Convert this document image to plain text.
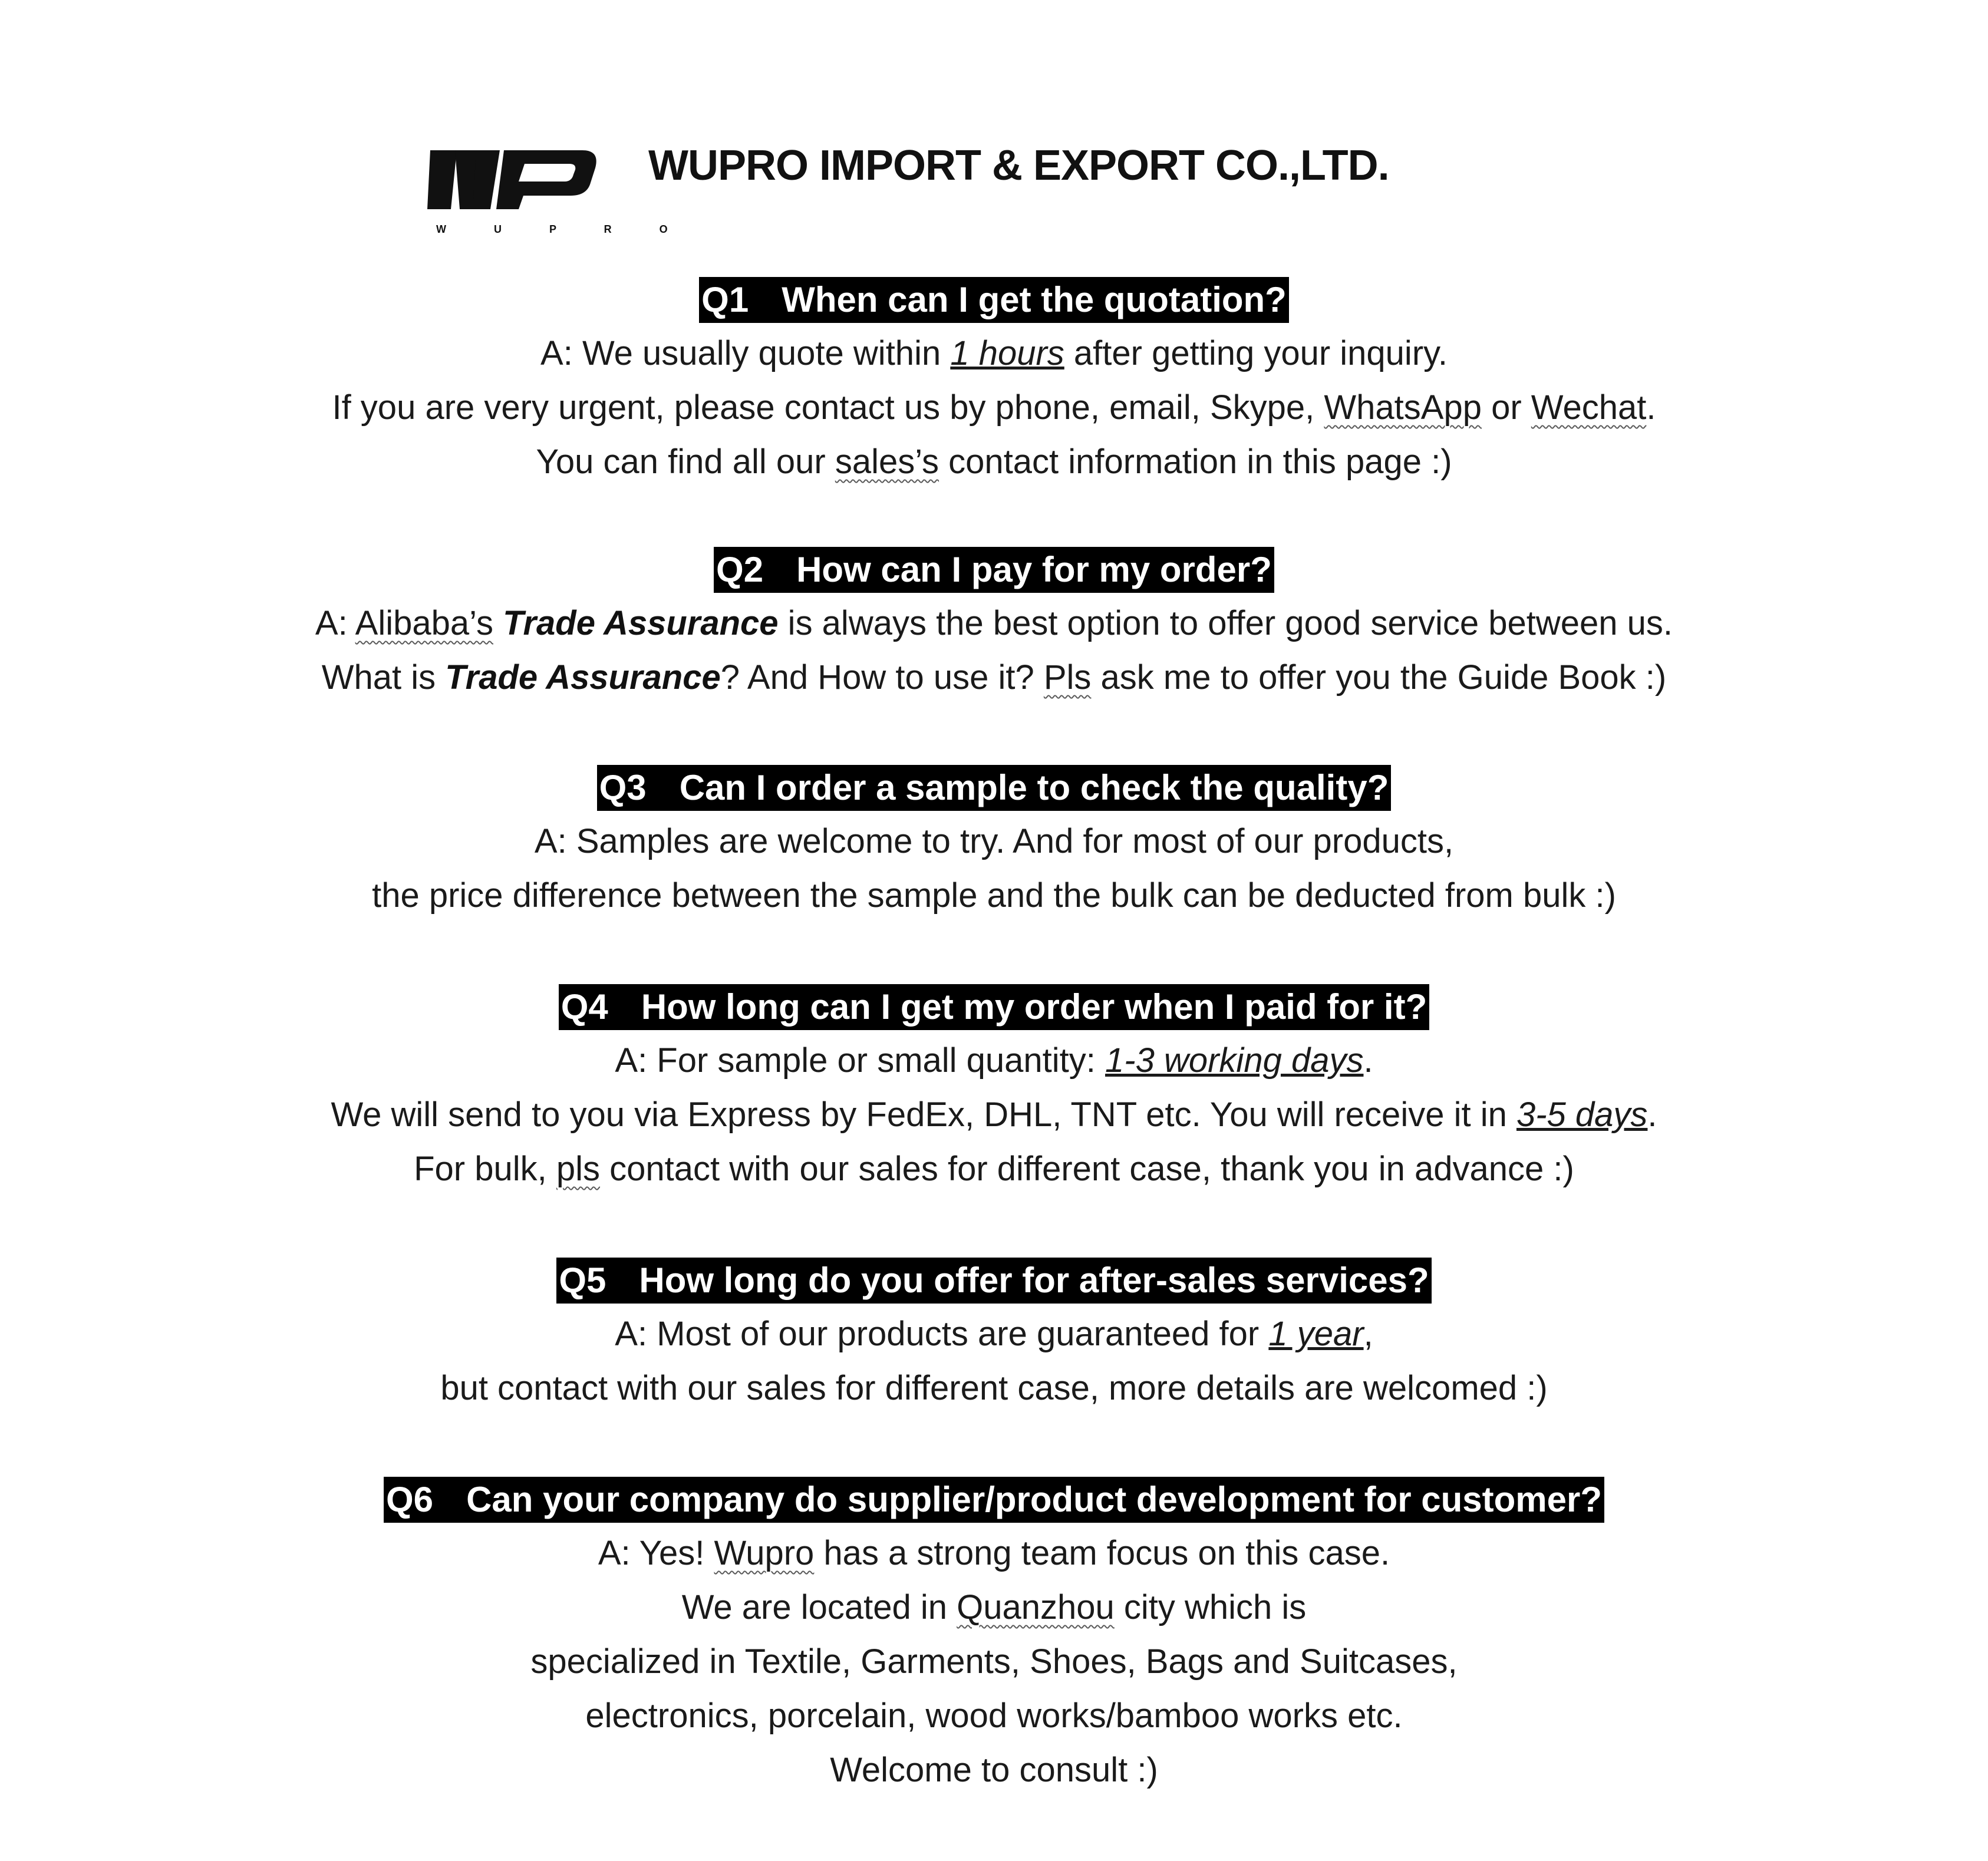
W U P R O
WUPRO IMPORT & EXPORT CO.,LTD.
Q1 When can I get the quotation?
A: We usually quote within 1 hours after getting your inquiry.
If you are very urgent, please contact us by phone, email, Skype, WhatsApp or Wechat.
You can find all our sales’s contact information in this page :)
Q2 How can I pay for my order?
A: Alibaba’s Trade Assurance is always the best option to offer good service between us.
What is Trade Assurance? And How to use it? Pls ask me to offer you the Guide Book :)
Q3 Can I order a sample to check the quality?
A: Samples are welcome to try. And for most of our products,
the price difference between the sample and the bulk can be deducted from bulk :)
Q4 How long can I get my order when I paid for it?
A: For sample or small quantity: 1-3 working days.
We will send to you via Express by FedEx, DHL, TNT etc. You will receive it in 3-5 days.
For bulk, pls contact with our sales for different case, thank you in advance :)
Q5 How long do you offer for after-sales services?
A: Most of our products are guaranteed for 1 year,
but contact with our sales for different case, more details are welcomed :)
Q6 Can your company do supplier/product development for customer?
A: Yes! Wupro has a strong team focus on this case.
We are located in Quanzhou city which is
specialized in Textile, Garments, Shoes, Bags and Suitcases,
electronics, porcelain, wood works/bamboo works etc.
Welcome to consult :)
